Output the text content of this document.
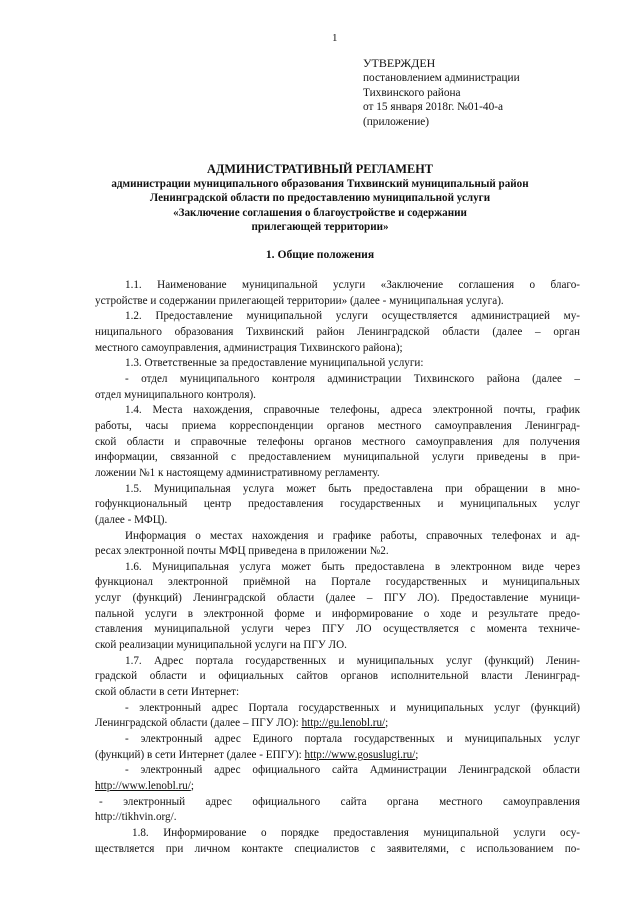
1
УТВЕРЖДЕН
постановлением администрации
Тихвинского района
от 15 января 2018г. №01-40-а
(приложение)
АДМИНИСТРАТИВНЫЙ РЕГЛАМЕНТ
администрации муниципального образования Тихвинский муниципальный район
Ленинградской области по предоставлению муниципальной услуги
«Заключение соглашения о благоустройстве и содержании
прилегающей территории»
1. Общие положения
1.1. Наименование муниципальной услуги «Заключение соглашения о благо-
устройстве и содержании прилегающей территории» (далее - муниципальная услуга).
1.2. Предоставление муниципальной услуги осуществляется администрацией му-
ниципального образования Тихвинский район Ленинградской области (далее – орган
местного самоуправления, администрация Тихвинского района);
1.3. Ответственные за предоставление муниципальной услуги:
- отдел муниципального контроля администрации Тихвинского района (далее –
отдел муниципального контроля).
1.4. Места нахождения, справочные телефоны, адреса электронной почты, график
работы, часы приема корреспонденции органов местного самоуправления Ленинград-
ской области и справочные телефоны органов местного самоуправления для получения
информации, связанной с предоставлением муниципальной услуги приведены в при-
ложении №1 к настоящему административному регламенту.
1.5. Муниципальная услуга может быть предоставлена при обращении в мно-
гофункциональный центр предоставления государственных и муниципальных услуг
(далее - МФЦ).
Информация о местах нахождения и графике работы, справочных телефонах и ад-
ресах электронной почты МФЦ приведена в приложении №2.
1.6. Муниципальная услуга может быть предоставлена в электронном виде через
функционал электронной приёмной на Портале государственных и муниципальных
услуг (функций) Ленинградской области (далее – ПГУ ЛО). Предоставление муници-
пальной услуги в электронной форме и информирование о ходе и результате предо-
ставления муниципальной услуги через ПГУ ЛО осуществляется с момента техниче-
ской реализации муниципальной услуги на ПГУ ЛО.
1.7. Адрес портала государственных и муниципальных услуг (функций) Ленин-
градской области и официальных сайтов органов исполнительной власти Ленинград-
ской области в сети Интернет:
- электронный адрес Портала государственных и муниципальных услуг (функций)
Ленинградской области (далее – ПГУ ЛО): http://gu.lenobl.ru/;
- электронный адрес Единого портала государственных и муниципальных услуг
(функций) в сети Интернет (далее - ЕПГУ): http://www.gosuslugi.ru/;
- электронный адрес официального сайта Администрации Ленинградской области
http://www.lenobl.ru/;
- электронный адрес официального сайта органа местного самоуправления
http://tikhvin.org/.
1.8. Информирование о порядке предоставления муниципальной услуги осу-
ществляется при личном контакте специалистов с заявителями, с использованием по-
